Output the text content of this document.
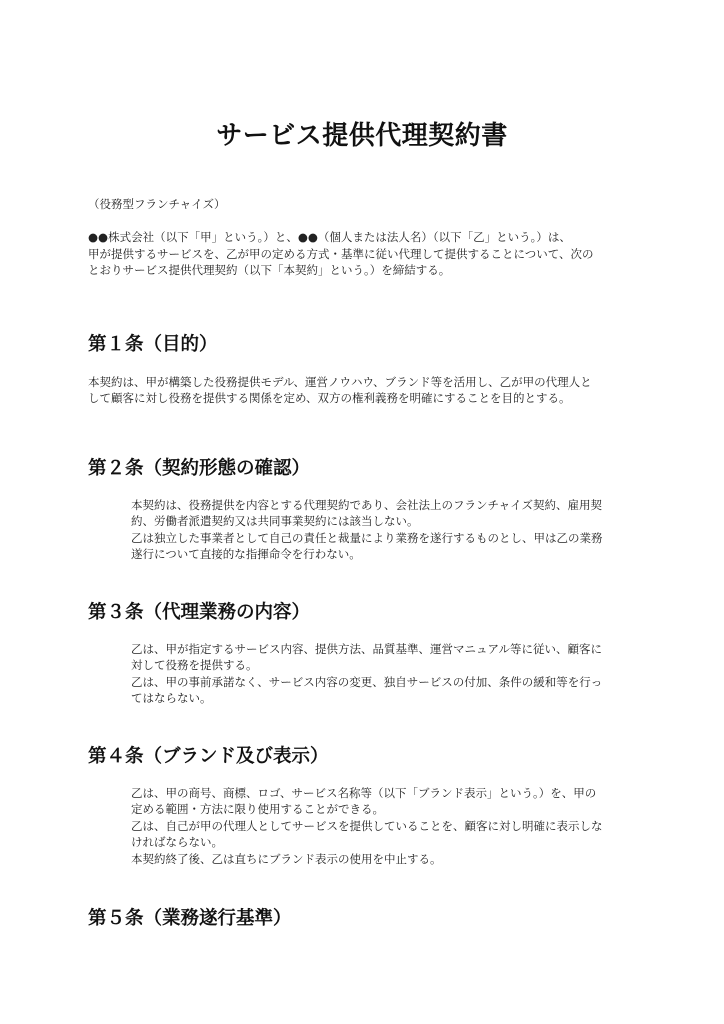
サービス提供代理契約書
（役務型フランチャイズ）
●●株式会社（以下「甲」という。）と、●●（個人または法人名）（以下「乙」という。）は、
甲が提供するサービスを、乙が甲の定める方式・基準に従い代理して提供することについて、次の
とおりサービス提供代理契約（以下「本契約」という。）を締結する。
第１条（目的）
本契約は、甲が構築した役務提供モデル、運営ノウハウ、ブランド等を活用し、乙が甲の代理人と
して顧客に対し役務を提供する関係を定め、双方の権利義務を明確にすることを目的とする。
第２条（契約形態の確認）
本契約は、役務提供を内容とする代理契約であり、会社法上のフランチャイズ契約、雇用契
約、労働者派遣契約又は共同事業契約には該当しない。
乙は独立した事業者として自己の責任と裁量により業務を遂行するものとし、甲は乙の業務
遂行について直接的な指揮命令を行わない。
第３条（代理業務の内容）
乙は、甲が指定するサービス内容、提供方法、品質基準、運営マニュアル等に従い、顧客に
対して役務を提供する。
乙は、甲の事前承諾なく、サービス内容の変更、独自サービスの付加、条件の緩和等を行っ
てはならない。
第４条（ブランド及び表示）
乙は、甲の商号、商標、ロゴ、サービス名称等（以下「ブランド表示」という。）を、甲の
定める範囲・方法に限り使用することができる。
乙は、自己が甲の代理人としてサービスを提供していることを、顧客に対し明確に表示しな
ければならない。
本契約終了後、乙は直ちにブランド表示の使用を中止する。
第５条（業務遂行基準）
